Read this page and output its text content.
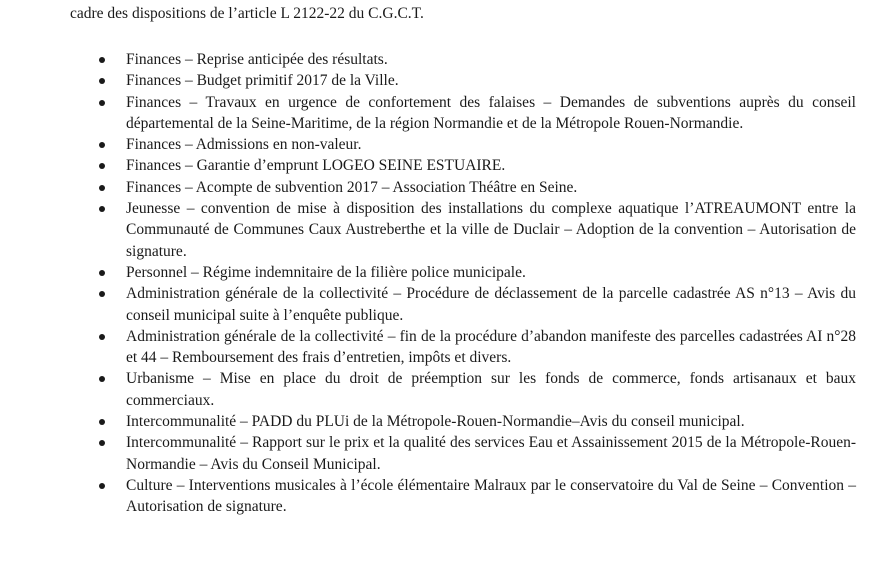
cadre des dispositions de l’article L 2122-22 du C.G.C.T.
Finances – Reprise anticipée des résultats.
Finances – Budget primitif 2017 de la Ville.
Finances – Travaux en urgence de confortement des falaises – Demandes de subventions auprès du conseil départemental de la Seine-Maritime, de la région Normandie et de la Métropole Rouen-Normandie.
Finances – Admissions en non-valeur.
Finances – Garantie d’emprunt LOGEO SEINE ESTUAIRE.
Finances – Acompte de subvention 2017 – Association Théâtre en Seine.
Jeunesse – convention de mise à disposition des installations du complexe aquatique l’ATREAUMONT entre la Communauté de Communes Caux Austreberthe et la ville de Duclair – Adoption de la convention – Autorisation de signature.
Personnel – Régime indemnitaire de la filière police municipale.
Administration générale de la collectivité – Procédure de déclassement de la parcelle cadastrée AS n°13 – Avis du conseil municipal suite à l’enquête publique.
Administration générale de la collectivité – fin de la procédure d’abandon manifeste des parcelles cadastrées AI n°28 et 44 – Remboursement des frais d’entretien, impôts et divers.
Urbanisme – Mise en place du droit de préemption sur les fonds de commerce, fonds artisanaux et baux commerciaux.
Intercommunalité – PADD du PLUi de la Métropole-Rouen-Normandie–Avis du conseil municipal.
Intercommunalité – Rapport sur le prix et la qualité des services Eau et Assainissement 2015 de la Métropole-Rouen-Normandie – Avis du Conseil Municipal.
Culture – Interventions musicales à l’école élémentaire Malraux par le conservatoire du Val de Seine – Convention – Autorisation de signature.
